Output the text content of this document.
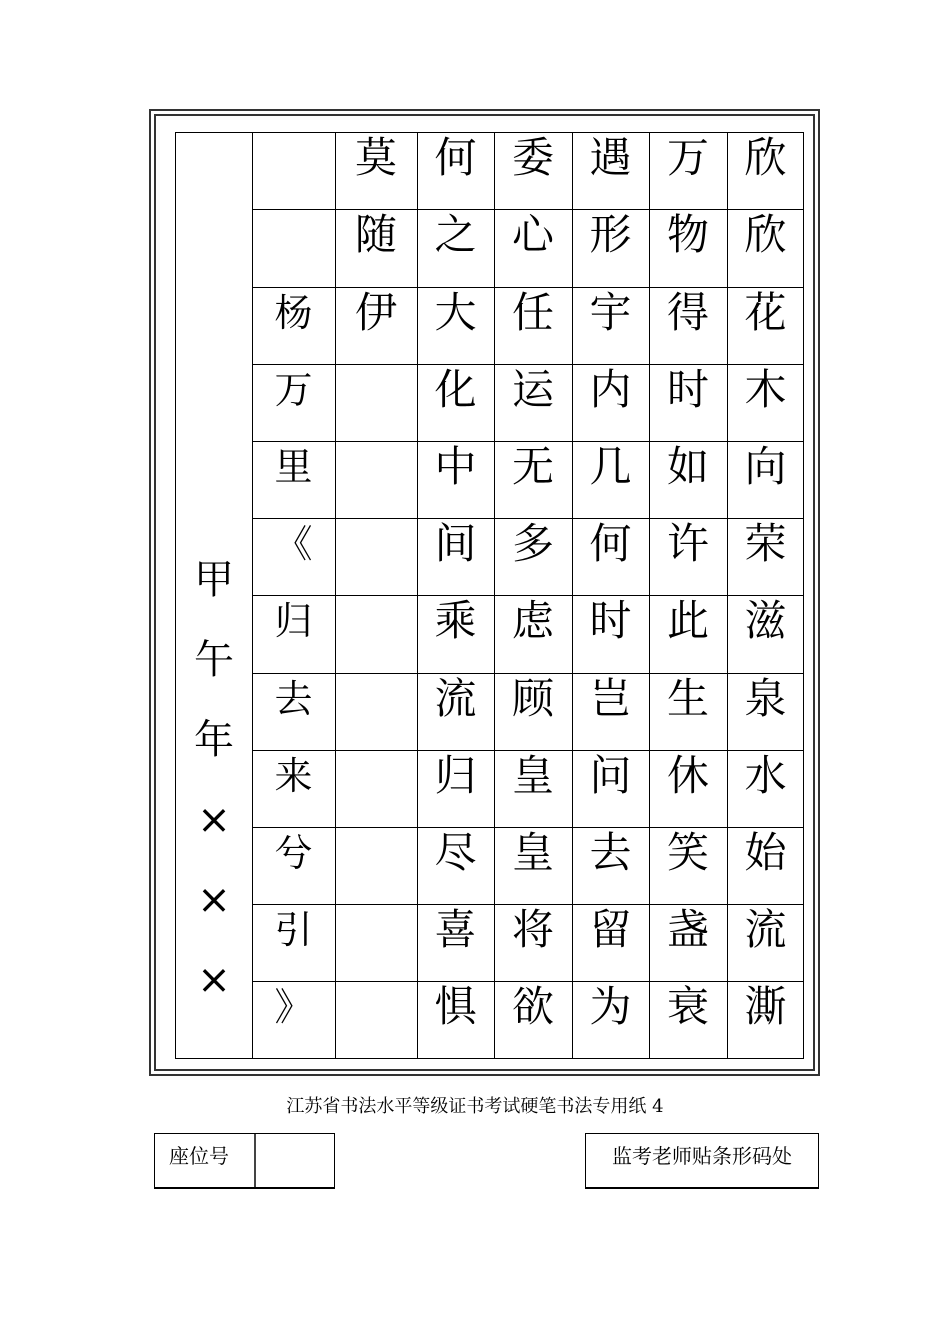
欣
欣
花
木
向
荣
滋
泉
水
始
流
澌
万
物
得
时
如
许
此
生
休
笑
盏
衰
遇
形
宇
内
几
何
时
岂
问
去
留
为
委
心
任
运
无
多
虑
顾
皇
皇
将
欲
何
之
大
化
中
间
乘
流
归
尽
喜
惧
莫
随
伊
杨
万
里
《
归
去
来
兮
引
》
甲
午
年
×
×
×
江苏省书法水平等级证书考试硬笔书法专用纸 4
座位号	监考老师贴条形码处
